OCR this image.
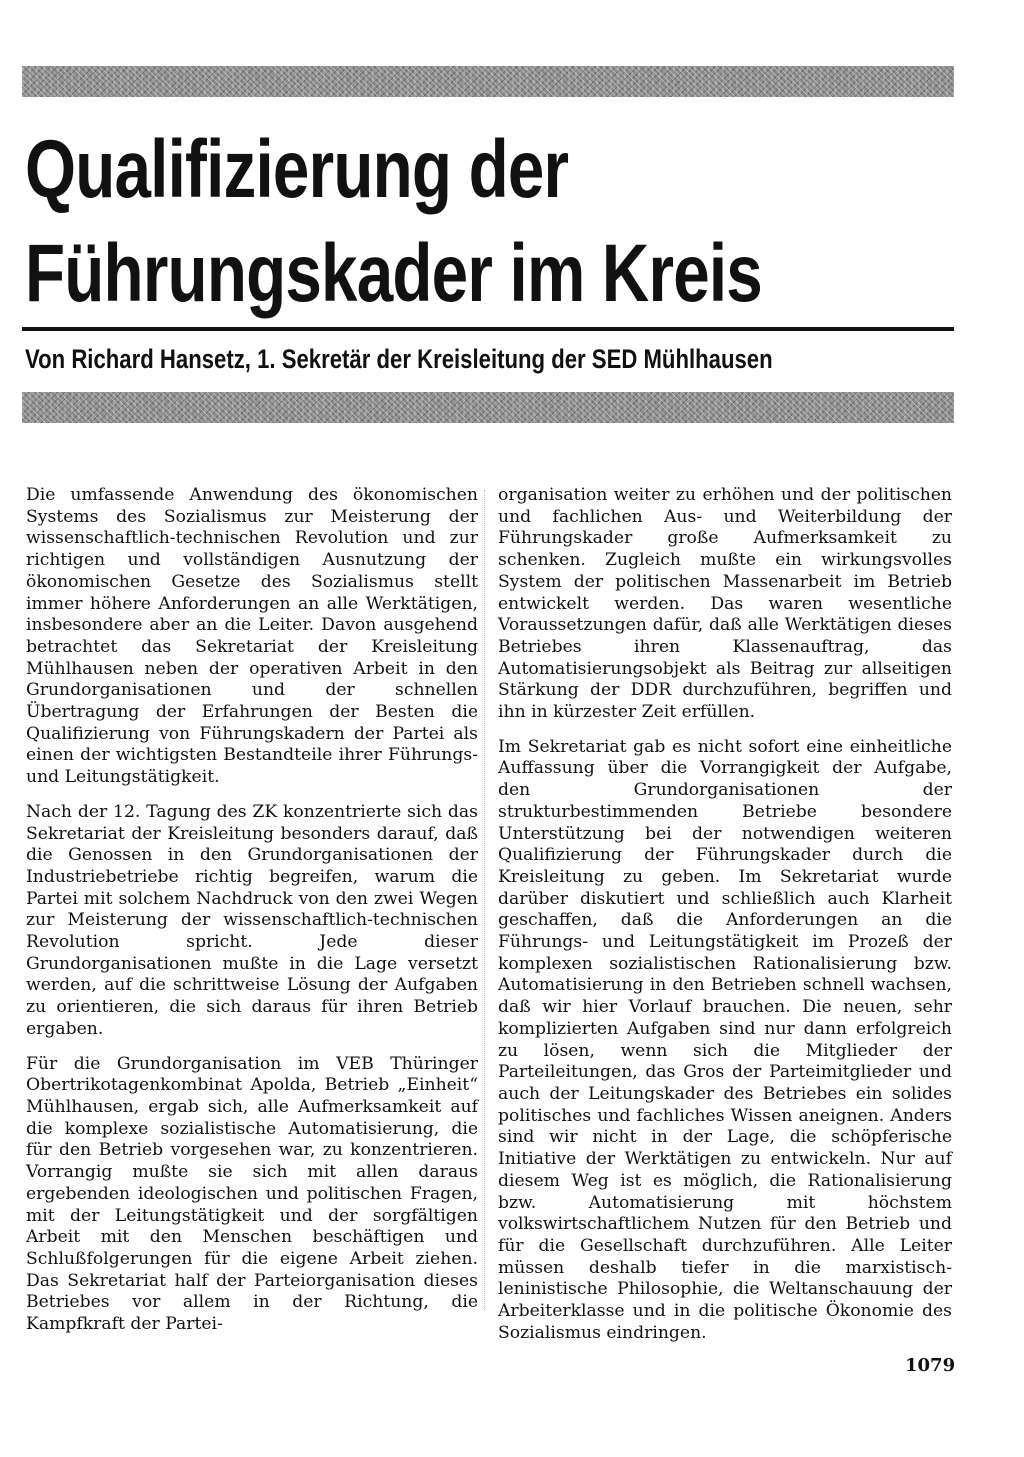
Qualifizierung der
Führungskader im Kreis

Von Richard Hansetz, 1. Sekretär der Kreisleitung der SED Mühlhausen

Die umfassende Anwendung des ökonomischen Systems des Sozialismus zur Meisterung der wissenschaftlich-technischen Revolution und zur richtigen und vollständigen Ausnutzung der ökonomischen Gesetze des Sozialismus stellt immer höhere Anforderungen an alle Werktätigen, insbesondere aber an die Leiter. Davon ausgehend betrachtet das Sekretariat der Kreisleitung Mühlhausen neben der operativen Arbeit in den Grundorganisationen und der schnellen Übertragung der Erfahrungen der Besten die Qualifizierung von Führungskadern der Partei als einen der wichtigsten Bestandteile ihrer Führungs- und Leitungstätigkeit.

Nach der 12. Tagung des ZK konzentrierte sich das Sekretariat der Kreisleitung besonders darauf, daß die Genossen in den Grundorganisationen der Industriebetriebe richtig begreifen, warum die Partei mit solchem Nachdruck von den zwei Wegen zur Meisterung der wissenschaftlich-technischen Revolution spricht. Jede dieser Grundorganisationen mußte in die Lage versetzt werden, auf die schrittweise Lösung der Aufgaben zu orientieren, die sich daraus für ihren Betrieb ergaben.

Für die Grundorganisation im VEB Thüringer Obertrikotagenkombinat Apolda, Betrieb „Einheit“ Mühlhausen, ergab sich, alle Aufmerksamkeit auf die komplexe sozialistische Automatisierung, die für den Betrieb vorgesehen war, zu konzentrieren. Vorrangig mußte sie sich mit allen daraus ergebenden ideologischen und politischen Fragen, mit der Leitungstätigkeit und der sorgfältigen Arbeit mit den Menschen beschäftigen und Schlußfolgerungen für die eigene Arbeit ziehen. Das Sekretariat half der Parteiorganisation dieses Betriebes vor allem in der Richtung, die Kampfkraft der Partei-

organisation weiter zu erhöhen und der politischen und fachlichen Aus- und Weiterbildung der Führungskader große Aufmerksamkeit zu schenken. Zugleich mußte ein wirkungsvolles System der politischen Massenarbeit im Betrieb entwickelt werden. Das waren wesentliche Voraussetzungen dafür, daß alle Werktätigen dieses Betriebes ihren Klassenauftrag, das Automatisierungsobjekt als Beitrag zur allseitigen Stärkung der DDR durchzuführen, begriffen und ihn in kürzester Zeit erfüllen.

Im Sekretariat gab es nicht sofort eine einheitliche Auffassung über die Vorrangigkeit der Aufgabe, den Grundorganisationen der strukturbestimmenden Betriebe besondere Unterstützung bei der notwendigen weiteren Qualifizierung der Führungskader durch die Kreisleitung zu geben. Im Sekretariat wurde darüber diskutiert und schließlich auch Klarheit geschaffen, daß die Anforderungen an die Führungs- und Leitungstätigkeit im Prozeß der komplexen sozialistischen Rationalisierung bzw. Automatisierung in den Betrieben schnell wachsen, daß wir hier Vorlauf brauchen. Die neuen, sehr komplizierten Aufgaben sind nur dann erfolgreich zu lösen, wenn sich die Mitglieder der Parteileitungen, das Gros der Parteimitglieder und auch der Leitungskader des Betriebes ein solides politisches und fachliches Wissen aneignen. Anders sind wir nicht in der Lage, die schöpferische Initiative der Werktätigen zu entwickeln. Nur auf diesem Weg ist es möglich, die Rationalisierung bzw. Automatisierung mit höchstem volkswirtschaftlichem Nutzen für den Betrieb und für die Gesellschaft durchzuführen. Alle Leiter müssen deshalb tiefer in die marxistisch-leninistische Philosophie, die Weltanschauung der Arbeiterklasse und in die politische Ökonomie des Sozialismus eindringen.

1079
